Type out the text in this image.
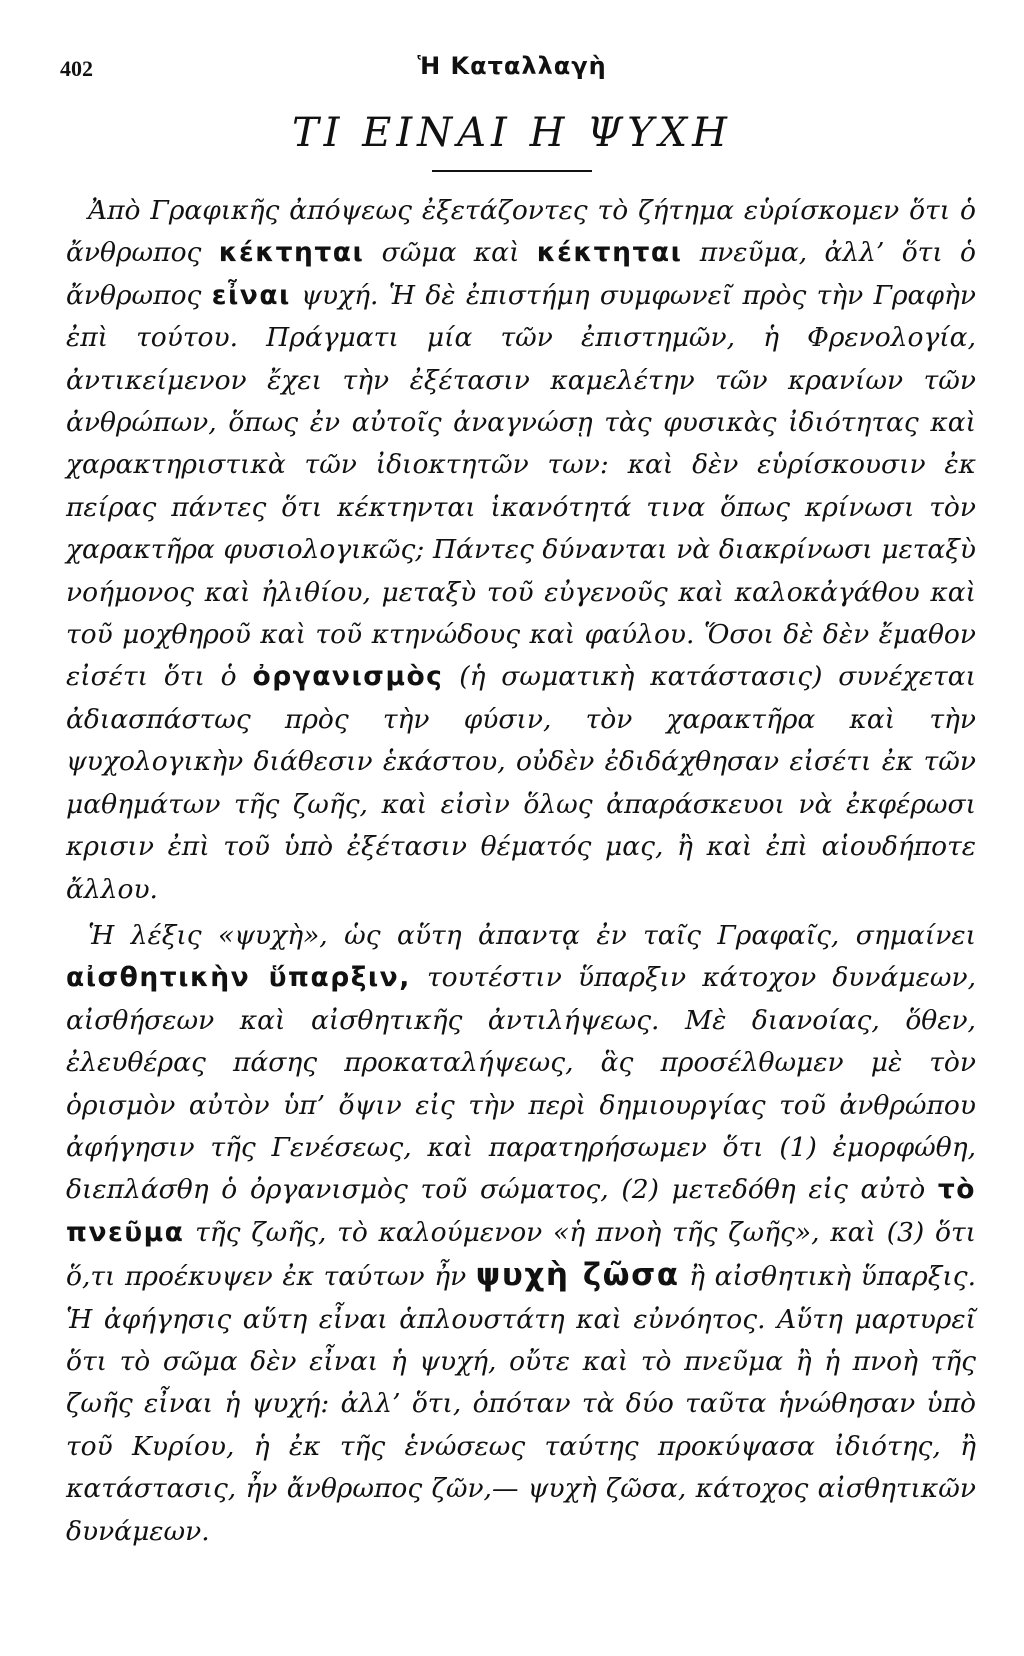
402	Ἡ Καταλλαγὴ
ΤΙ ΕΙΝΑΙ Η ΨΥΧΗ

Ἀπὸ Γραφικῆς ἀπόψεως ἐξετάζοντες τὸ ζήτημα εὑρίσκομεν ὅτι ὁ ἄνθρωπος κέκτηται σῶμα καὶ κέκτηται πνεῦμα, ἀλλ’ ὅτι ὁ ἄνθρωπος εἶναι ψυχή. Ἡ δὲ ἐπιστήμη συμφωνεῖ πρὸς τὴν Γραφὴν ἐπὶ τούτου. Πράγματι μία τῶν ἐπιστημῶν, ἡ Φρενολογία, ἀντικείμενον ἔχει τὴν ἐξέτασιν καμελέτην τῶν κρανίων τῶν ἀνθρώπων, ὅπως ἐν αὐτοῖς ἀναγνώσῃ τὰς φυσικὰς ἰδιότητας καὶ χαρακτηριστικὰ τῶν ἰδιοκτητῶν των: καὶ δὲν εὑρίσκουσιν ἐκ πείρας πάντες ὅτι κέκτηνται ἱκανότητά τινα ὅπως κρίνωσι τὸν χαρακτῆρα φυσιολογικῶς; Πάντες δύνανται νὰ διακρίνωσι μεταξὺ νοήμονος καὶ ἠλιθίου, μεταξὺ τοῦ εὐγενοῦς καὶ καλοκἀγάθου καὶ τοῦ μοχθηροῦ καὶ τοῦ κτηνώδους καὶ φαύλου. Ὅσοι δὲ δὲν ἔμαθον εἰσέτι ὅτι ὁ ὀργανισμὸς (ἡ σωματικὴ κατάστασις) συνέχεται ἀδιασπάστως πρὸς τὴν φύσιν, τὸν χαρακτῆρα καὶ τὴν ψυχολογικὴν διάθεσιν ἑκάστου, οὐδὲν ἐδιδάχθησαν εἰσέτι ἐκ τῶν μαθημάτων τῆς ζωῆς, καὶ εἰσὶν ὅλως ἀπαράσκευοι νὰ ἐκφέρωσι κρισιν ἐπὶ τοῦ ὑπὸ ἐξέτασιν θέματός μας, ἢ καὶ ἐπὶ αἱουδήποτε ἄλλου.

Ἡ λέξις «ψυχὴ», ὡς αὕτη ἀπαντᾳ ἐν ταῖς Γραφαῖς, σημαίνει αἰσθητικὴν ὕπαρξιν, τουτέστιν ὕπαρξιν κάτοχον δυνάμεων, αἰσθήσεων καὶ αἰσθητικῆς ἀντιλήψεως. Μὲ διανοίας, ὅθεν, ἐλευθέρας πάσης προκαταλήψεως, ἃς προσέλθωμεν μὲ τὸν ὁρισμὸν αὐτὸν ὑπ’ ὄψιν εἰς τὴν περὶ δημιουργίας τοῦ ἀνθρώπου ἀφήγησιν τῆς Γενέσεως, καὶ παρατηρήσωμεν ὅτι (1) ἐμορφώθη, διεπλάσθη ὁ ὀργανισμὸς τοῦ σώματος, (2) μετεδόθη εἰς αὐτὸ τὸ πνεῦμα τῆς ζωῆς, τὸ καλούμενον «ἡ πνοὴ τῆς ζωῆς», καὶ (3) ὅτι ὅ,τι προέκυψεν ἐκ ταύτων ἦν ψυχὴ ζῶσα ἢ αἰσθητικὴ ὕπαρξις. Ἡ ἀφήγησις αὕτη εἶναι ἁπλουστάτη καὶ εὐνόητος. Αὕτη μαρτυρεῖ ὅτι τὸ σῶμα δὲν εἶναι ἡ ψυχή, οὔτε καὶ τὸ πνεῦμα ἢ ἡ πνοὴ τῆς ζωῆς εἶναι ἡ ψυχή: ἀλλ’ ὅτι, ὁπόταν τὰ δύο ταῦτα ἡνώθησαν ὑπὸ τοῦ Κυρίου, ἡ ἐκ τῆς ἑνώσεως ταύτης προκύψασα ἰδιότης, ἢ κατάστασις, ἦν ἄνθρωπος ζῶν,— ψυχὴ ζῶσα, κάτοχος αἰσθητικῶν δυνάμεων.
